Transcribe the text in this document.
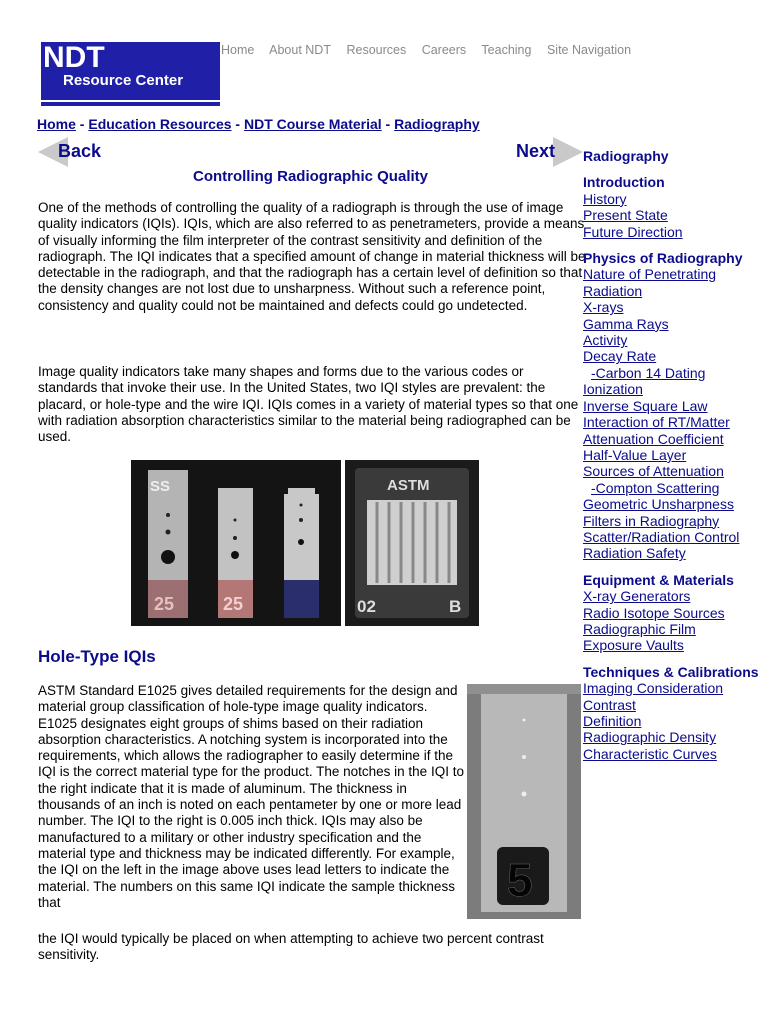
NDT
Resource Center
Home About NDT Resources Careers Teaching Site Navigation
Home - Education Resources - NDT Course Material - Radiography
Back	Next
Controlling Radiographic Quality
One of the methods of controlling the quality of a radiograph is through the use of image quality indicators (IQIs). IQIs, which are also referred to as penetrameters, provide a means of visually informing the film interpreter of the contrast sensitivity and definition of the radiograph. The IQI indicates that a specified amount of change in material thickness will be detectable in the radiograph, and that the radiograph has a certain level of definition so that the density changes are not lost due to unsharpness. Without such a reference point, consistency and quality could not be maintained and defects could go undetected.
Image quality indicators take many shapes and forms due to the various codes or standards that invoke their use. In the United States, two IQI styles are prevalent: the placard, or hole-type and the wire IQI. IQIs comes in a variety of material types so that one with radiation absorption characteristics similar to the material being radiographed can be used.
SS
25	25
ASTM
02	B
Hole-Type IQIs
ASTM Standard E1025 gives detailed requirements for the design and material group classification of hole-type image quality indicators. E1025 designates eight groups of shims based on their radiation absorption characteristics. A notching system is incorporated into the requirements, which allows the radiographer to easily determine if the IQI is the correct material type for the product. The notches in the IQI to the right indicate that it is made of aluminum. The thickness in thousands of an inch is noted on each pentameter by one or more lead number. The IQI to the right is 0.005 inch thick. IQIs may also be manufactured to a military or other industry specification and the material type and thickness may be indicated differently. For example, the IQI on the left in the image above uses lead letters to indicate the material. The numbers on this same IQI indicate the sample thickness that
the IQI would typically be placed on when attempting to achieve two percent contrast sensitivity.
5
Radiography
Introduction
History
Present State
Future Direction
Physics of Radiography
Nature of Penetrating Radiation
X-rays
Gamma Rays
Activity
Decay Rate
-Carbon 14 Dating
Ionization
Inverse Square Law
Interaction of RT/Matter
Attenuation Coefficient
Half-Value Layer
Sources of Attenuation
-Compton Scattering
Geometric Unsharpness
Filters in Radiography
Scatter/Radiation Control
Radiation Safety
Equipment & Materials
X-ray Generators
Radio Isotope Sources
Radiographic Film
Exposure Vaults
Techniques & Calibrations
Imaging Consideration
Contrast
Definition
Radiographic Density
Characteristic Curves
